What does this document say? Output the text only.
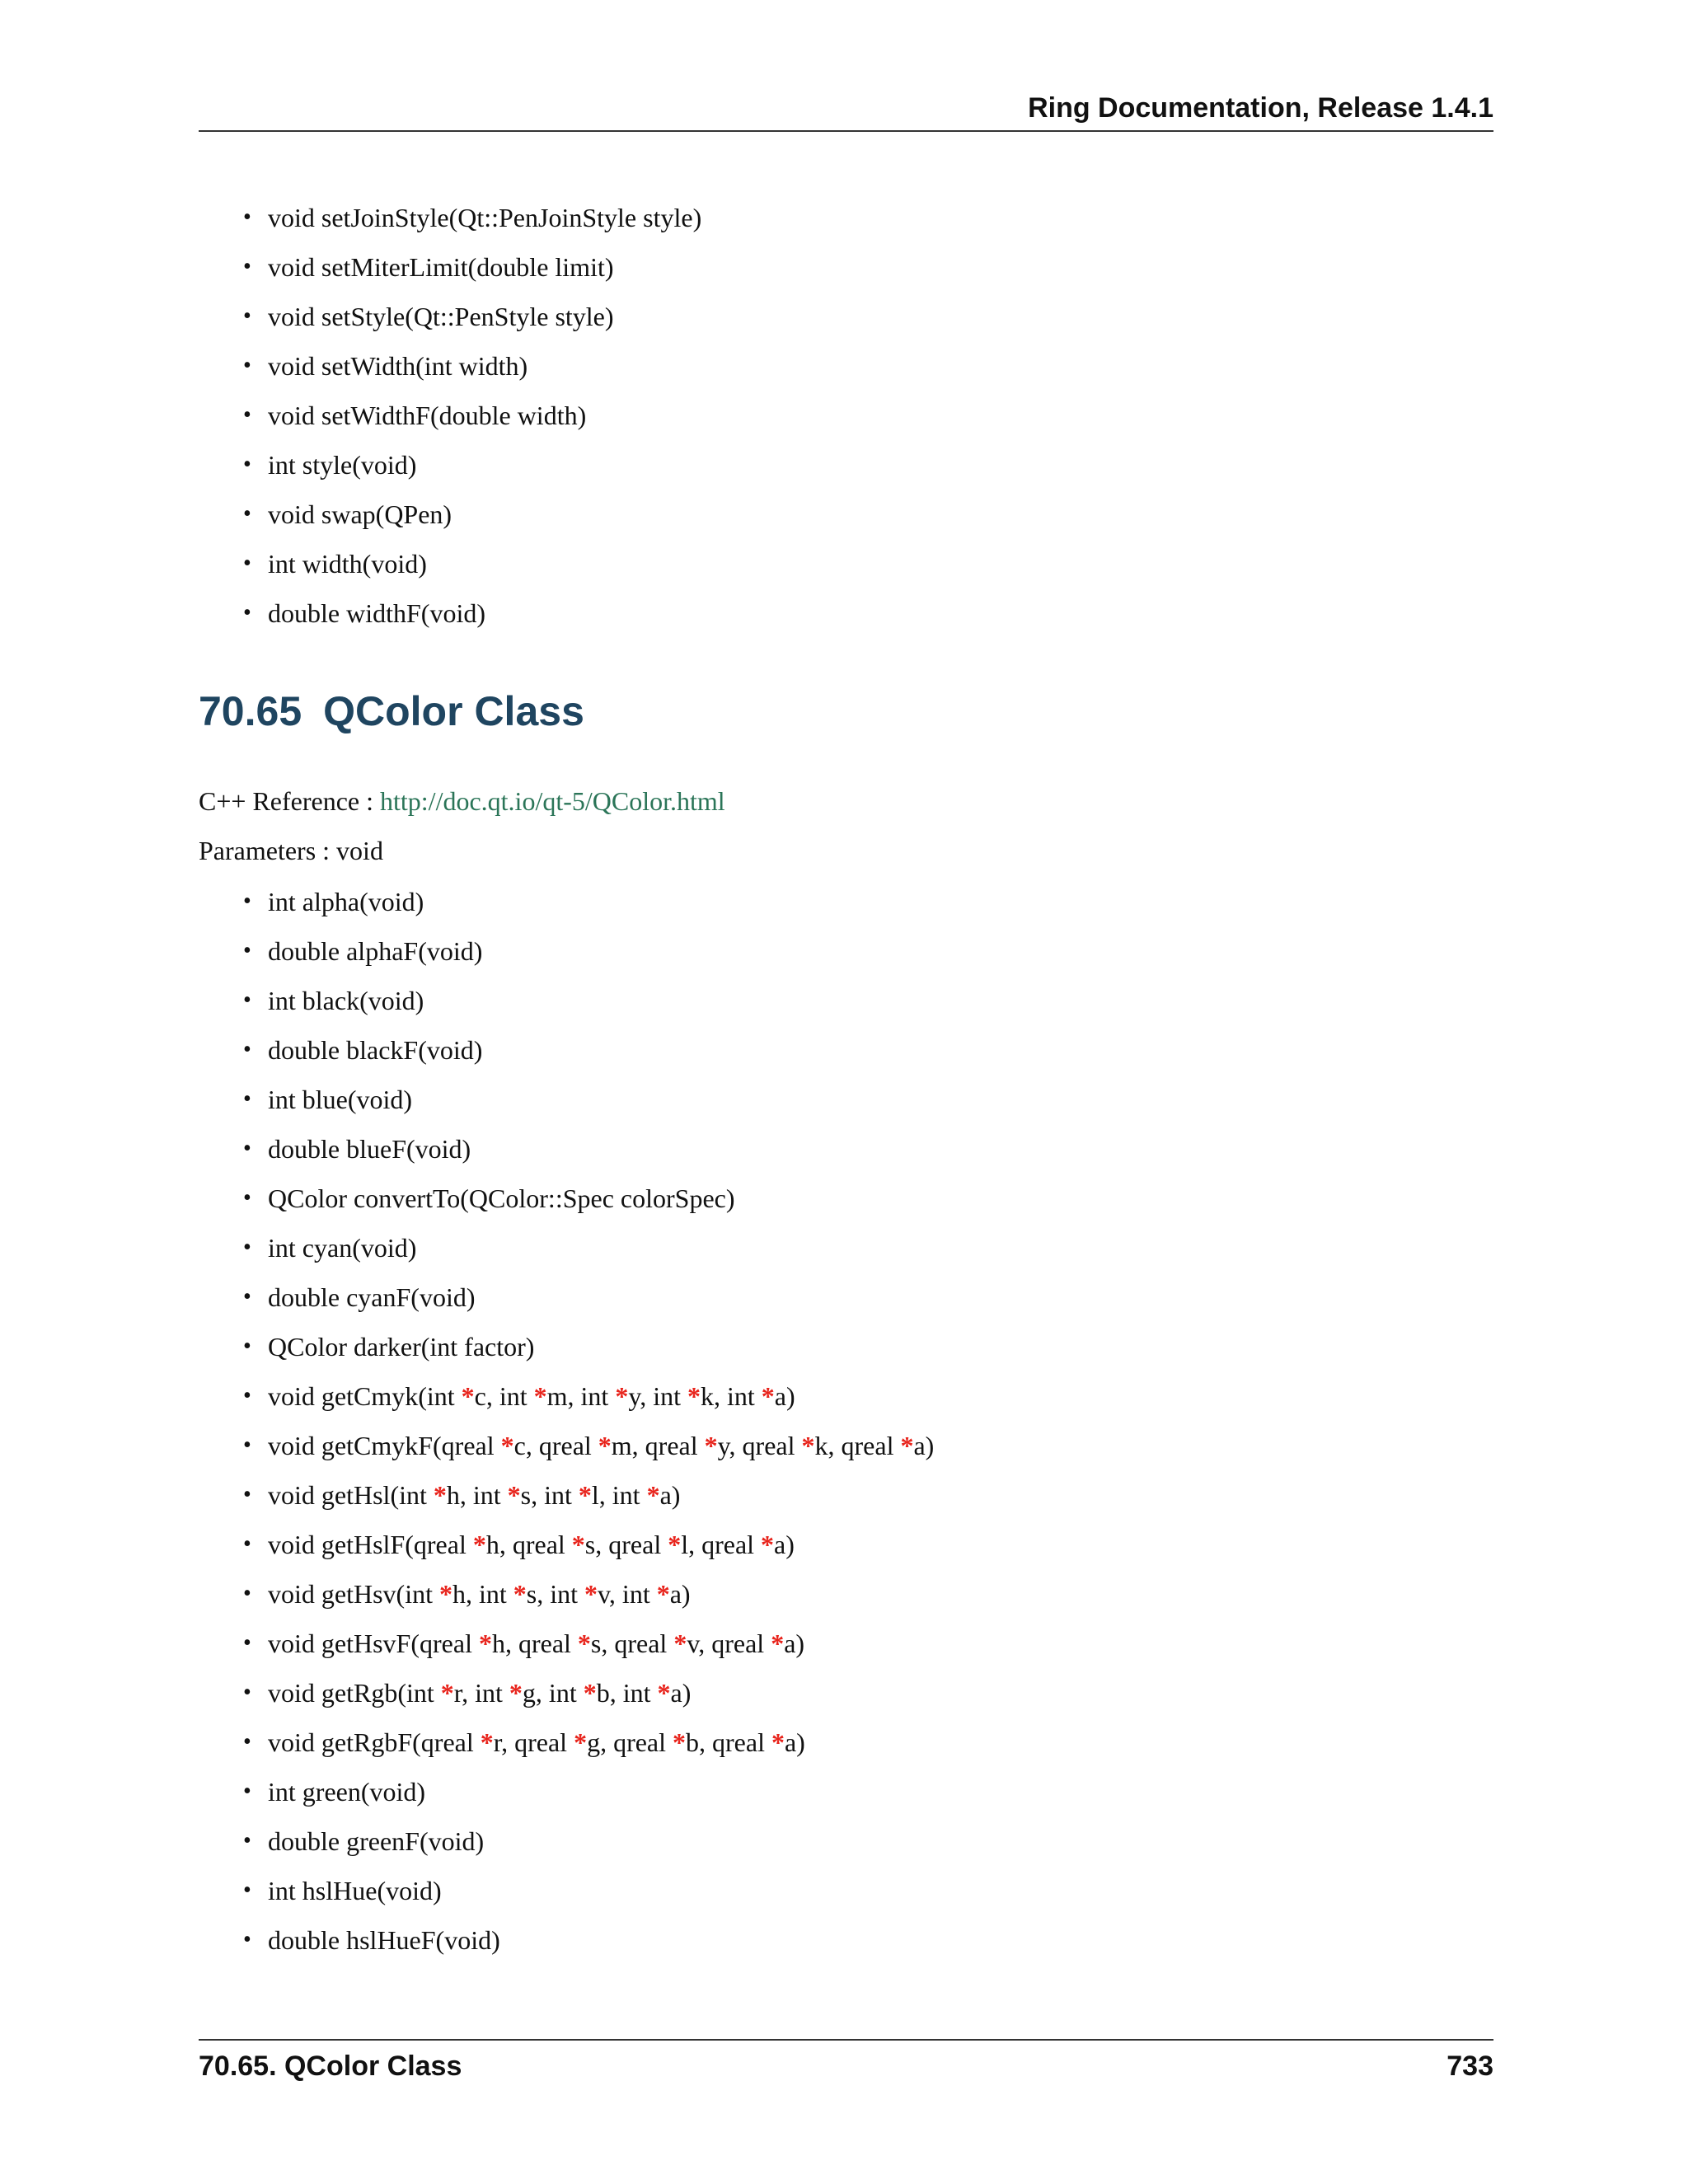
Ring Documentation, Release 1.4.1
• void setJoinStyle(Qt::PenJoinStyle style)
• void setMiterLimit(double limit)
• void setStyle(Qt::PenStyle style)
• void setWidth(int width)
• void setWidthF(double width)
• int style(void)
• void swap(QPen)
• int width(void)
• double widthF(void)
70.65 QColor Class
C++ Reference : http://doc.qt.io/qt-5/QColor.html
Parameters : void
• int alpha(void)
• double alphaF(void)
• int black(void)
• double blackF(void)
• int blue(void)
• double blueF(void)
• QColor convertTo(QColor::Spec colorSpec)
• int cyan(void)
• double cyanF(void)
• QColor darker(int factor)
• void getCmyk(int *c, int *m, int *y, int *k, int *a)
• void getCmykF(qreal *c, qreal *m, qreal *y, qreal *k, qreal *a)
• void getHsl(int *h, int *s, int *l, int *a)
• void getHslF(qreal *h, qreal *s, qreal *l, qreal *a)
• void getHsv(int *h, int *s, int *v, int *a)
• void getHsvF(qreal *h, qreal *s, qreal *v, qreal *a)
• void getRgb(int *r, int *g, int *b, int *a)
• void getRgbF(qreal *r, qreal *g, qreal *b, qreal *a)
• int green(void)
• double greenF(void)
• int hslHue(void)
• double hslHueF(void)
70.65. QColor Class	733
